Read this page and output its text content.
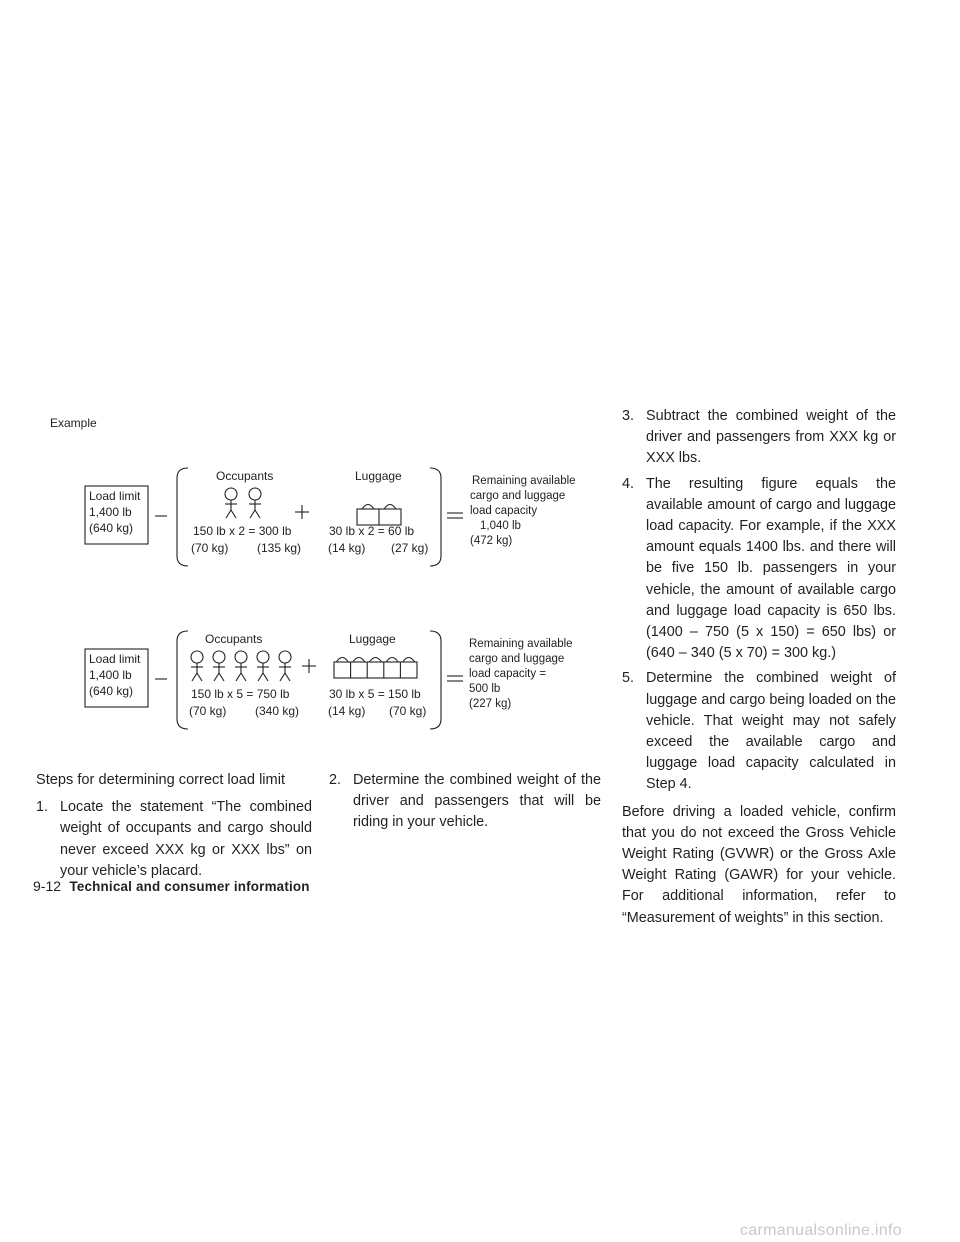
Example
Load limit
1,400 lb
(640 kg)
Occupants	Luggage
150 lb x 2 = 300 lb
(70 kg) (135 kg)
30 lb x 2 = 60 lb
(14 kg) (27 kg)
Remaining available
cargo and luggage
load capacity
1,040 lb
(472 kg)
Load limit
1,400 lb
(640 kg)
Occupants	Luggage
150 lb x 5 = 750 lb
(70 kg) (340 kg)
30 lb x 5 = 150 lb
(14 kg) (70 kg)
Remaining available
cargo and luggage
load capacity =
500 lb
(227 kg)
Steps for determining correct load limit
1. Locate the statement “The combined weight of occupants and cargo should never exceed XXX kg or XXX lbs” on your vehicle’s placard.
2. Determine the combined weight of the driver and passengers that will be riding in your vehicle.
3. Subtract the combined weight of the driver and passengers from XXX kg or XXX lbs.
4. The resulting figure equals the available amount of cargo and luggage load capacity. For example, if the XXX amount equals 1400 lbs. and there will be five 150 lb. passengers in your vehicle, the amount of available cargo and luggage load capacity is 650 lbs. (1400 – 750 (5 x 150) = 650 lbs) or (640 – 340 (5 x 70) = 300 kg.)
5. Determine the combined weight of luggage and cargo being loaded on the vehicle. That weight may not safely exceed the available cargo and luggage load capacity calculated in Step 4.

Before driving a loaded vehicle, confirm that you do not exceed the Gross Vehicle Weight Rating (GVWR) or the Gross Axle Weight Rating (GAWR) for your vehicle. For additional information, refer to “Measurement of weights” in this section.

9-12 Technical and consumer information
carmanualsonline.info
